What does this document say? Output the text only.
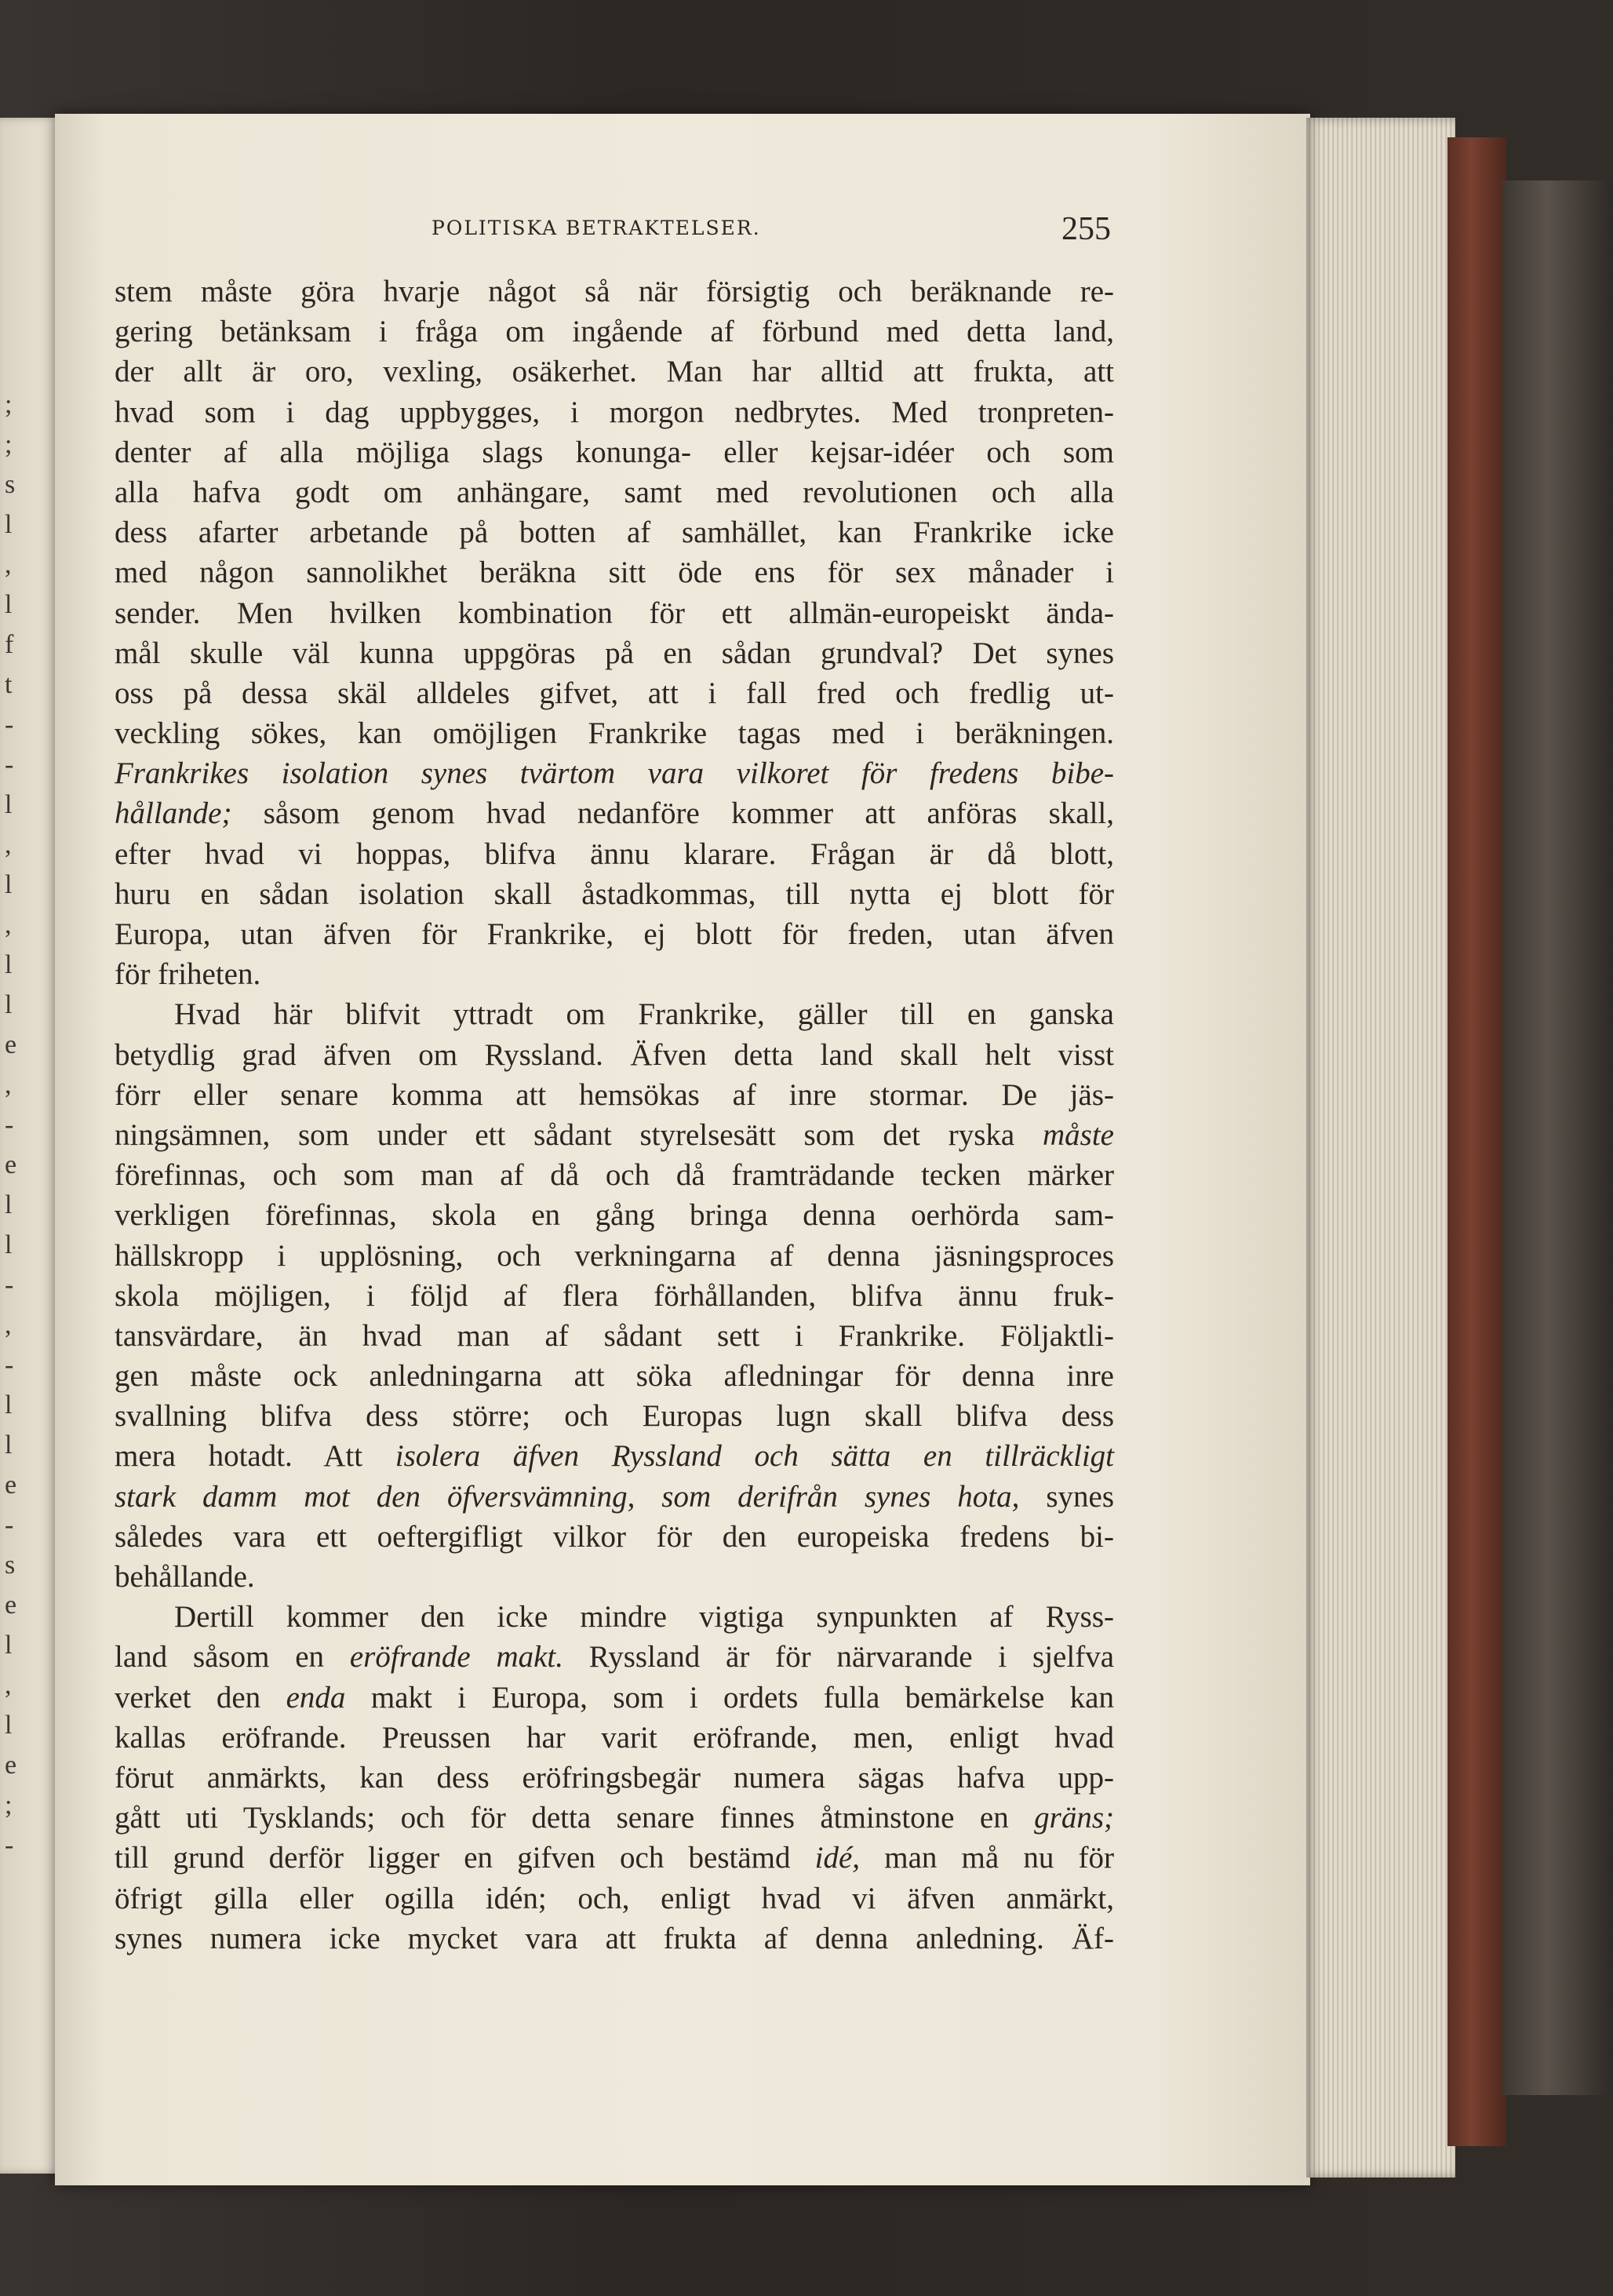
;
;
s
l
,
l
f
t
-
-
l
,
l
,
l
l
e
,
-
e
l
l
-
,
-
l
l
e
-
s
e
l
,
l
e
;
-
POLITISKA BETRAKTELSER.	255
stem måste göra hvarje något så när försigtig och beräknande re-
gering betänksam i fråga om ingående af förbund med detta land,
der allt är oro, vexling, osäkerhet. Man har alltid att frukta, att
hvad som i dag uppbygges, i morgon nedbrytes. Med tronpreten-
denter af alla möjliga slags konunga- eller kejsar-idéer och som
alla hafva godt om anhängare, samt med revolutionen och alla
dess afarter arbetande på botten af samhället, kan Frankrike icke
med någon sannolikhet beräkna sitt öde ens för sex månader i
sender. Men hvilken kombination för ett allmän-europeiskt ända-
mål skulle väl kunna uppgöras på en sådan grundval? Det synes
oss på dessa skäl alldeles gifvet, att i fall fred och fredlig ut-
veckling sökes, kan omöjligen Frankrike tagas med i beräkningen.
Frankrikes isolation synes tvärtom vara vilkoret för fredens bibe-
hållande; såsom genom hvad nedanföre kommer att anföras skall,
efter hvad vi hoppas, blifva ännu klarare. Frågan är då blott,
huru en sådan isolation skall åstadkommas, till nytta ej blott för
Europa, utan äfven för Frankrike, ej blott för freden, utan äfven
för friheten.
Hvad här blifvit yttradt om Frankrike, gäller till en ganska
betydlig grad äfven om Ryssland. Äfven detta land skall helt visst
förr eller senare komma att hemsökas af inre stormar. De jäs-
ningsämnen, som under ett sådant styrelsesätt som det ryska måste
förefinnas, och som man af då och då framträdande tecken märker
verkligen förefinnas, skola en gång bringa denna oerhörda sam-
hällskropp i upplösning, och verkningarna af denna jäsningsproces
skola möjligen, i följd af flera förhållanden, blifva ännu fruk-
tansvärdare, än hvad man af sådant sett i Frankrike. Följaktli-
gen måste ock anledningarna att söka afledningar för denna inre
svallning blifva dess större; och Europas lugn skall blifva dess
mera hotadt. Att isolera äfven Ryssland och sätta en tillräckligt
stark damm mot den öfversvämning, som derifrån synes hota, synes
således vara ett oeftergifligt vilkor för den europeiska fredens bi-
behållande.
Dertill kommer den icke mindre vigtiga synpunkten af Ryss-
land såsom en eröfrande makt. Ryssland är för närvarande i sjelfva
verket den enda makt i Europa, som i ordets fulla bemärkelse kan
kallas eröfrande. Preussen har varit eröfrande, men, enligt hvad
förut anmärkts, kan dess eröfringsbegär numera sägas hafva upp-
gått uti Tysklands; och för detta senare finnes åtminstone en gräns;
till grund derför ligger en gifven och bestämd idé, man må nu för
öfrigt gilla eller ogilla idén; och, enligt hvad vi äfven anmärkt,
synes numera icke mycket vara att frukta af denna anledning. Äf-
